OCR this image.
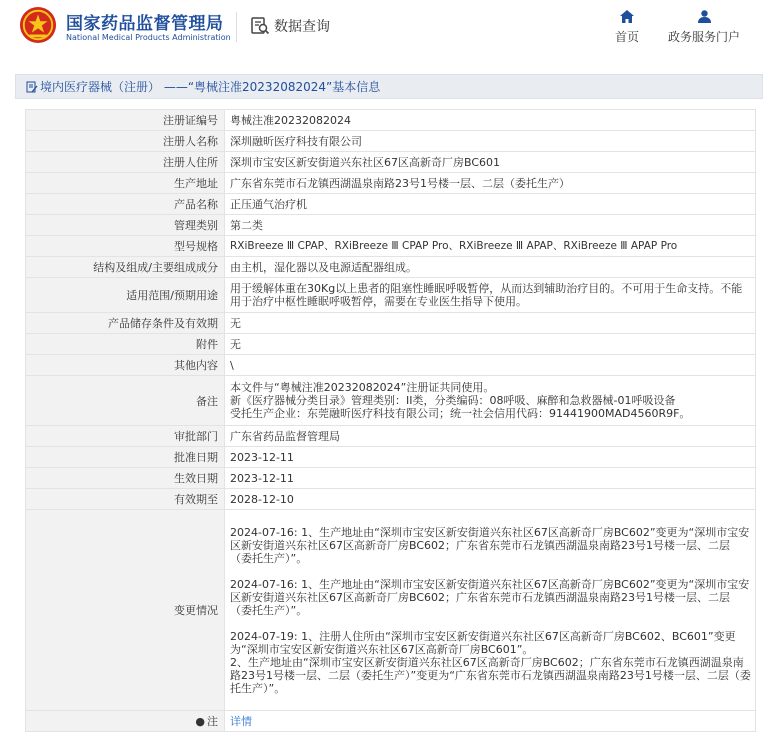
国家药品监督管理局
National Medical Products Administration
数据查询
首页	政务服务门户
境内医疗器械（注册） ——“粤械注准20232082024”基本信息
注册证编号	粤械注准20232082024
注册人名称	深圳融昕医疗科技有限公司
注册人住所	深圳市宝安区新安街道兴东社区67区高新奇厂房BC601
生产地址	广东省东莞市石龙镇西湖温泉南路23号1号楼一层、二层（委托生产）
产品名称	正压通气治疗机
管理类别	第二类
型号规格	RXiBreeze Ⅲ CPAP、RXiBreeze Ⅲ CPAP Pro、RXiBreeze Ⅲ APAP、RXiBreeze Ⅲ APAP Pro
结构及组成/主要组成成分	由主机，湿化器以及电源适配器组成。
适用范围/预期用途	用于缓解体重在30Kg以上患者的阻塞性睡眠呼吸暂停，从而达到辅助治疗目的。不可用于生命支持。不能用于治疗中枢性睡眠呼吸暂停，需要在专业医生指导下使用。
产品储存条件及有效期	无
附件	无
其他内容	\
备注	本文件与“粤械注准20232082024”注册证共同使用。
新《医疗器械分类目录》管理类别：II类，分类编码：08呼吸、麻醉和急救器械-01呼吸设备
受托生产企业：东莞融昕医疗科技有限公司；统一社会信用代码：91441900MAD4560R9F。
审批部门	广东省药品监督管理局
批准日期	2023-12-11
生效日期	2023-12-11
有效期至	2028-12-10
变更情况	2024-07-16: 1、生产地址由“深圳市宝安区新安街道兴东社区67区高新奇厂房BC602”变更为“深圳市宝安区新安街道兴东社区67区高新奇厂房BC602；广东省东莞市石龙镇西湖温泉南路23号1号楼一层、二层（委托生产）”。

2024-07-16: 1、生产地址由“深圳市宝安区新安街道兴东社区67区高新奇厂房BC602”变更为“深圳市宝安区新安街道兴东社区67区高新奇厂房BC602；广东省东莞市石龙镇西湖温泉南路23号1号楼一层、二层（委托生产）”。

2024-07-19: 1、注册人住所由“深圳市宝安区新安街道兴东社区67区高新奇厂房BC602、BC601”变更为“深圳市宝安区新安街道兴东社区67区高新奇厂房BC601”。
2、生产地址由“深圳市宝安区新安街道兴东社区67区高新奇厂房BC602；广东省东莞市石龙镇西湖温泉南路23号1号楼一层、二层（委托生产）”变更为“广东省东莞市石龙镇西湖温泉南路23号1号楼一层、二层（委托生产）”。

● 注	详情
